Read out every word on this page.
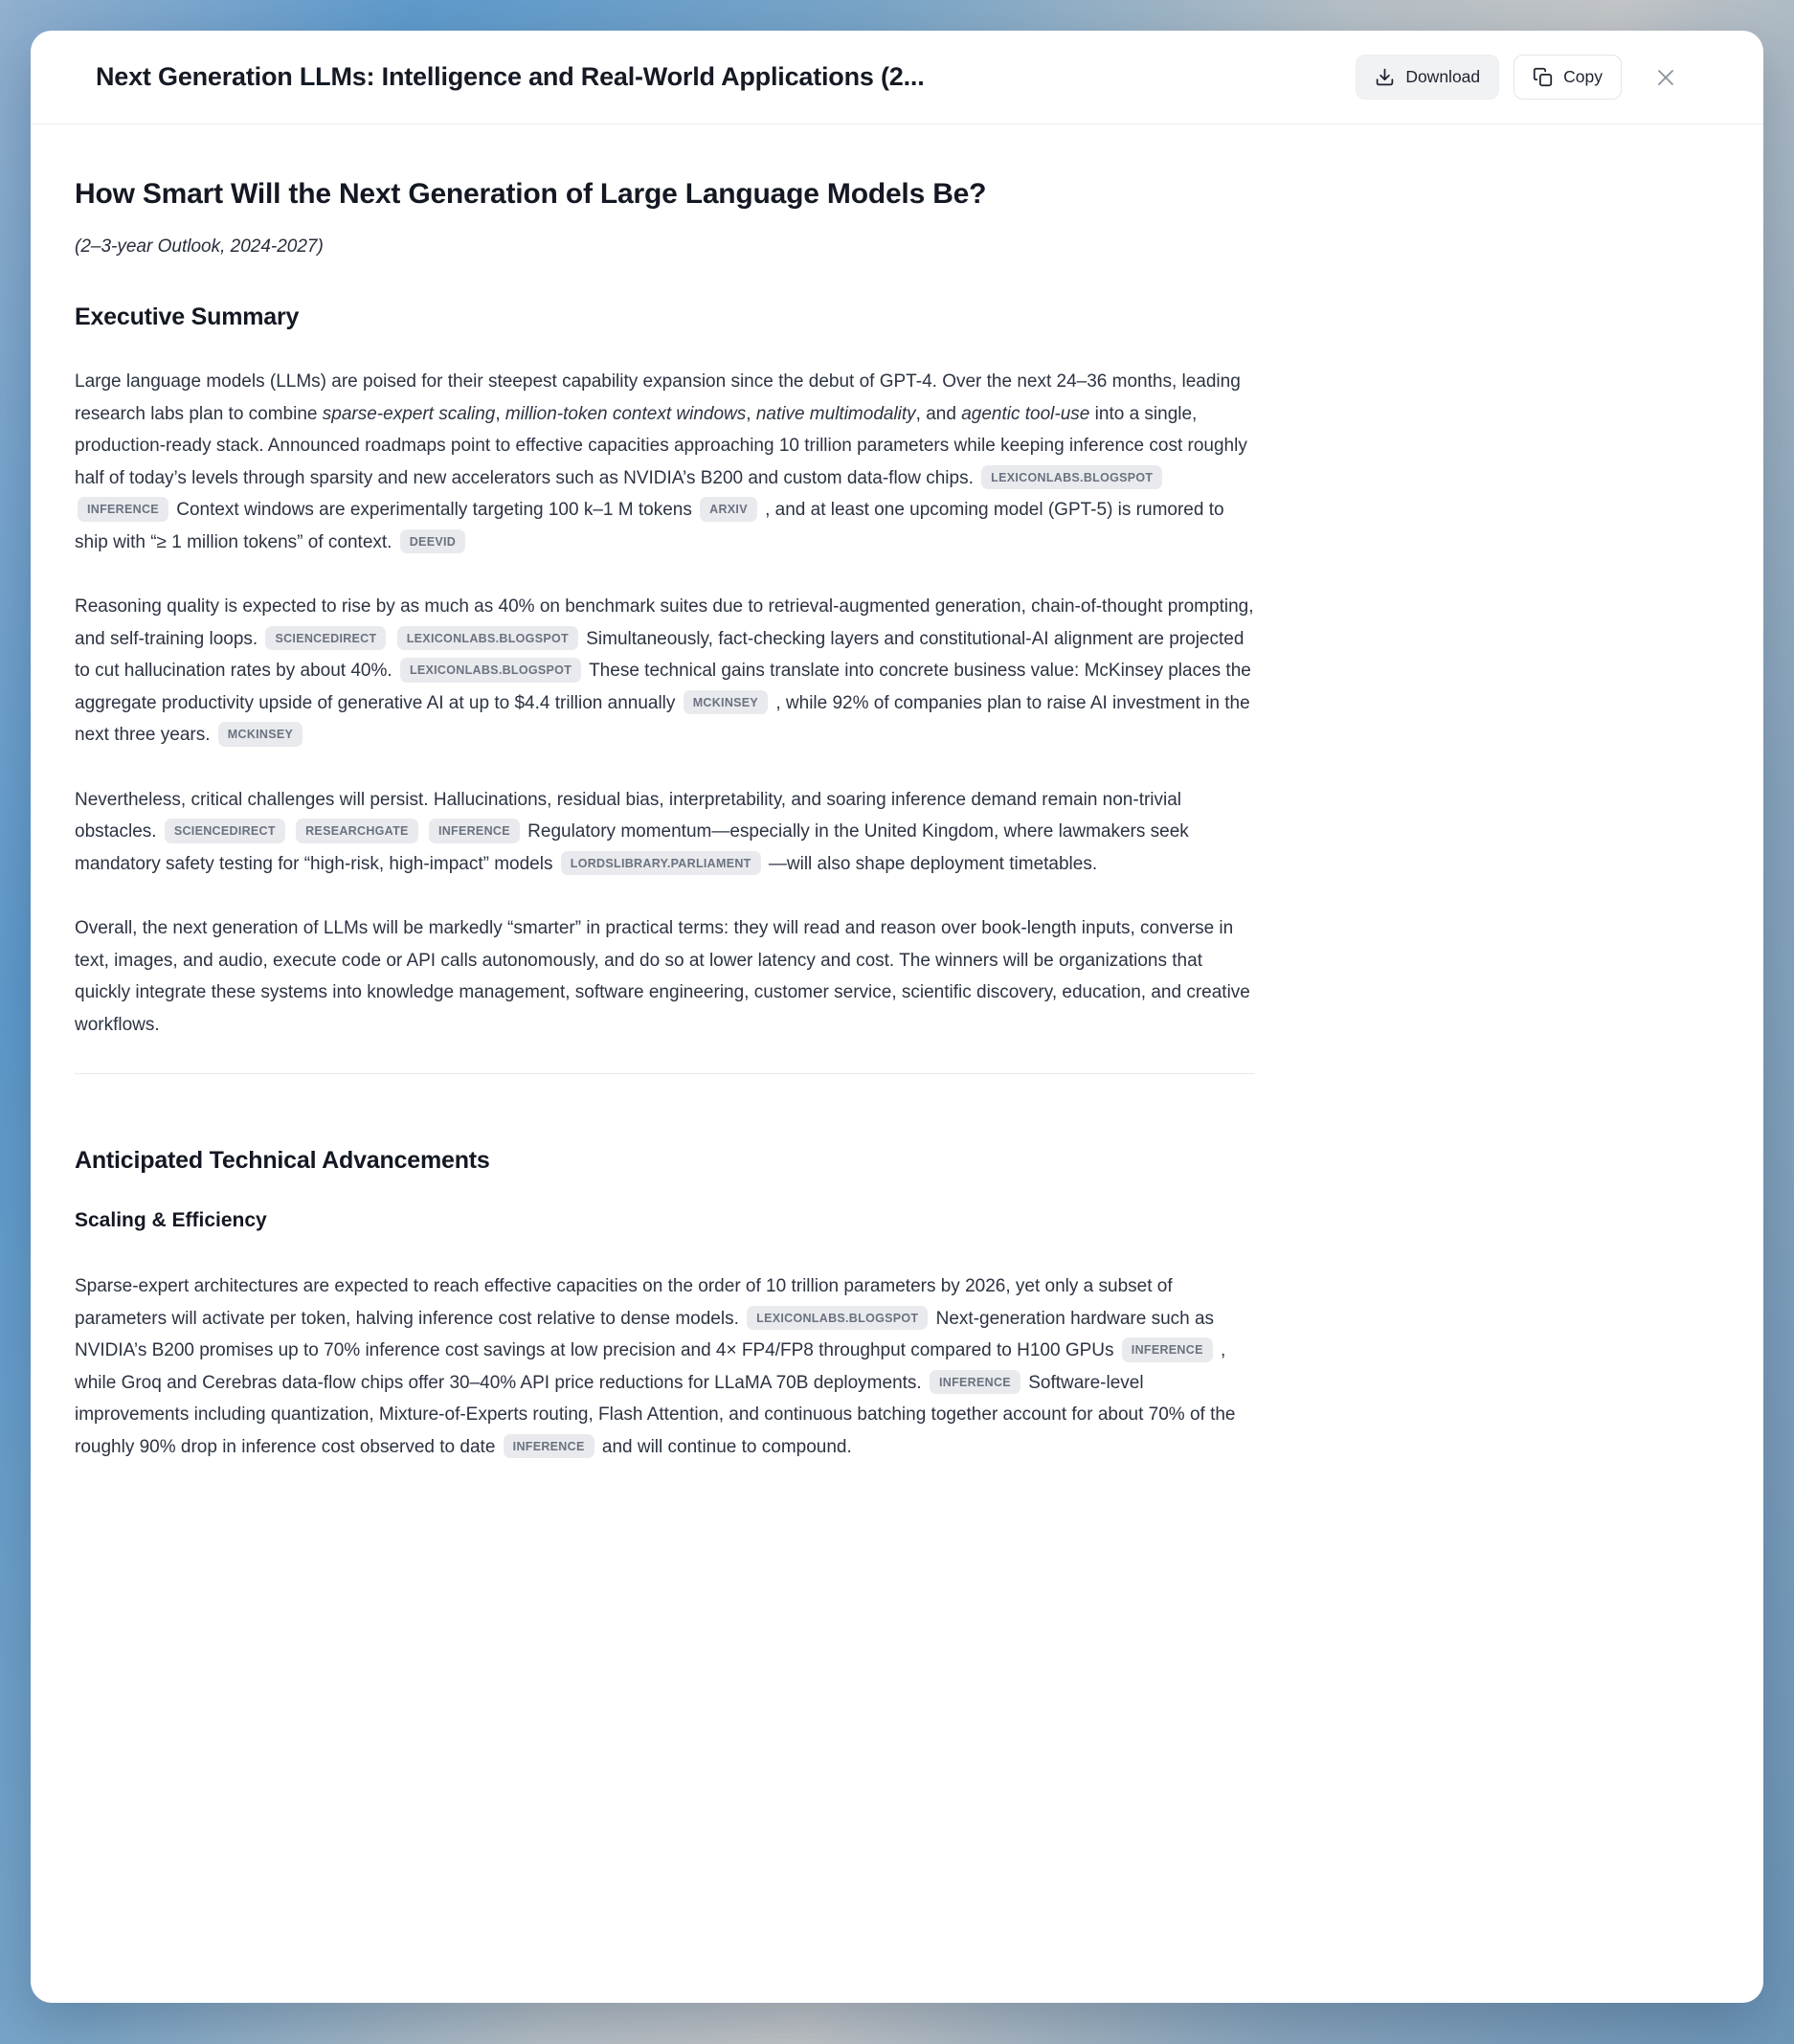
Next Generation LLMs: Intelligence and Real-World Applications (2...	Download	Copy
How Smart Will the Next Generation of Large Language Models Be?

(2–3-year Outlook, 2024-2027)

Executive Summary

Large language models (LLMs) are poised for their steepest capability expansion since the debut of GPT-4. Over the next 24–36 months, leading research labs plan to combine sparse-expert scaling, million-token context windows, native multimodality, and agentic tool-use into a single, production-ready stack. Announced roadmaps point to effective capacities approaching 10 trillion parameters while keeping inference cost roughly half of today’s levels through sparsity and new accelerators such as NVIDIA’s B200 and custom data-flow chips. LEXICONLABS.BLOGSPOT INFERENCE Context windows are experimentally targeting 100 k–1 M tokens ARXIV , and at least one upcoming model (GPT-5) is rumored to ship with “≥ 1 million tokens” of context. DEEVID

Reasoning quality is expected to rise by as much as 40% on benchmark suites due to retrieval-augmented generation, chain-of-thought prompting, and self-training loops. SCIENCEDIRECT	LEXICONLABS.BLOGSPOT Simultaneously, fact-checking layers and constitutional-AI alignment are projected to cut hallucination rates by about 40%. LEXICONLABS.BLOGSPOT These technical gains translate into concrete business value: McKinsey places the aggregate productivity upside of generative AI at up to $4.4 trillion annually MCKINSEY , while 92% of companies plan to raise AI investment in the next three years. MCKINSEY

Nevertheless, critical challenges will persist. Hallucinations, residual bias, interpretability, and soaring inference demand remain non-trivial obstacles. SCIENCEDIRECT	RESEARCHGATE	INFERENCE Regulatory momentum—especially in the United Kingdom, where lawmakers seek mandatory safety testing for “high-risk, high-impact” models LORDSLIBRARY.PARLIAMENT —will also shape deployment timetables.

Overall, the next generation of LLMs will be markedly “smarter” in practical terms: they will read and reason over book-length inputs, converse in text, images, and audio, execute code or API calls autonomously, and do so at lower latency and cost. The winners will be organizations that quickly integrate these systems into knowledge management, software engineering, customer service, scientific discovery, education, and creative workflows.

Anticipated Technical Advancements
Scaling & Efficiency

Sparse-expert architectures are expected to reach effective capacities on the order of 10 trillion parameters by 2026, yet only a subset of parameters will activate per token, halving inference cost relative to dense models. LEXICONLABS.BLOGSPOT Next-generation hardware such as NVIDIA’s B200 promises up to 70% inference cost savings at low precision and 4× FP4/FP8 throughput compared to H100 GPUs INFERENCE , while Groq and Cerebras data-flow chips offer 30–40% API price reductions for LLaMA 70B deployments. INFERENCE Software-level improvements including quantization, Mixture-of-Experts routing, Flash Attention, and continuous batching together account for about 70% of the roughly 90% drop in inference cost observed to date INFERENCE and will continue to compound.
